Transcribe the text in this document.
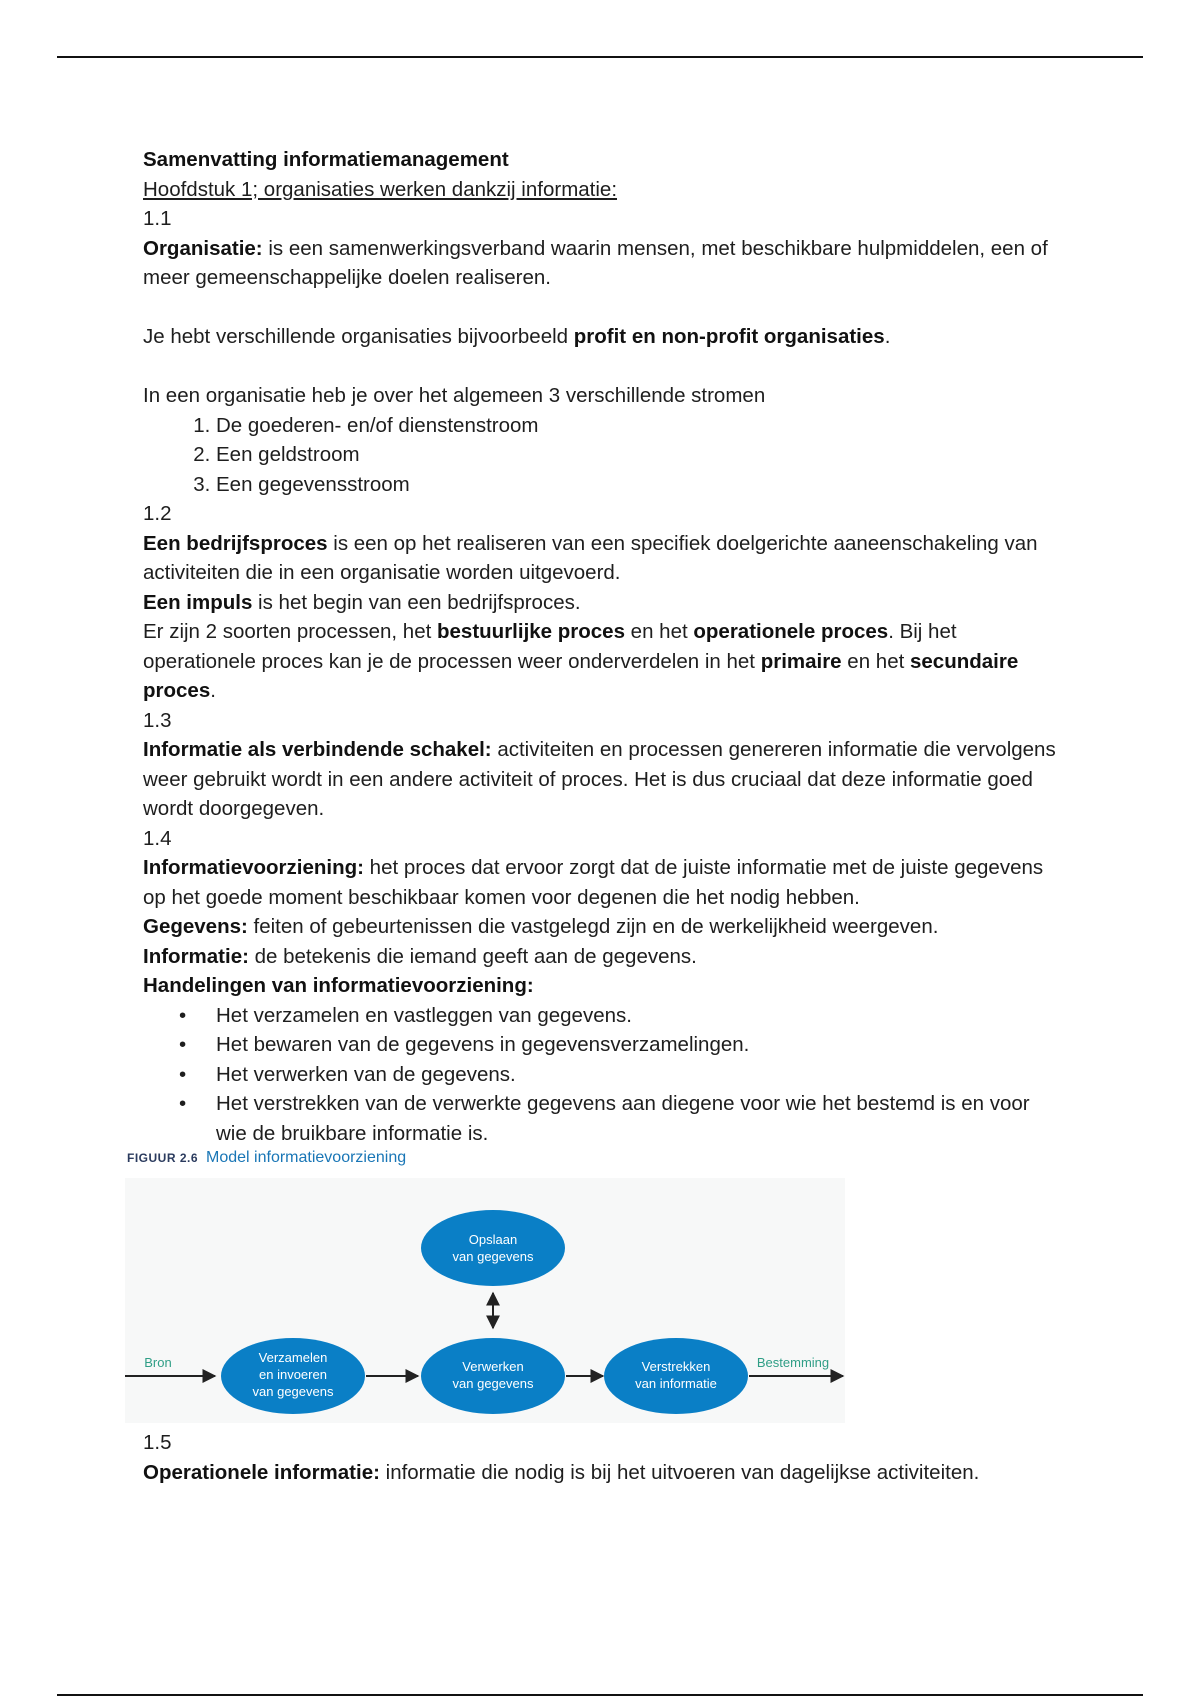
Samenvatting informatiemanagement

Hoofdstuk 1; organisaties werken dankzij informatie:

1.1

Organisatie: is een samenwerkingsverband waarin mensen, met beschikbare hulpmiddelen, een of meer gemeenschappelijke doelen realiseren.

Je hebt verschillende organisaties bijvoorbeeld profit en non-profit organisaties.

In een organisatie heb je over het algemeen 3 verschillende stromen

1. De goederen- en/of dienstenstroom
2. Een geldstroom
3. Een gegevensstroom

1.2

Een bedrijfsproces is een op het realiseren van een specifiek doelgerichte aaneenschakeling van activiteiten die in een organisatie worden uitgevoerd.

Een impuls is het begin van een bedrijfsproces.

Er zijn 2 soorten processen, het bestuurlijke proces en het operationele proces. Bij het operationele proces kan je de processen weer onderverdelen in het primaire en het secundaire proces.

1.3

Informatie als verbindende schakel: activiteiten en processen genereren informatie die vervolgens weer gebruikt wordt in een andere activiteit of proces. Het is dus cruciaal dat deze informatie goed wordt doorgegeven.

1.4

Informatievoorziening: het proces dat ervoor zorgt dat de juiste informatie met de juiste gegevens op het goede moment beschikbaar komen voor degenen die het nodig hebben.

Gegevens: feiten of gebeurtenissen die vastgelegd zijn en de werkelijkheid weergeven.

Informatie: de betekenis die iemand geeft aan de gegevens.

Handelingen van informatievoorziening:

• Het verzamelen en vastleggen van gegevens.
• Het bewaren van de gegevens in gegevensverzamelingen.
• Het verwerken van de gegevens.
• Het verstrekken van de verwerkte gegevens aan diegene voor wie het bestemd is en voor wie de bruikbare informatie is.
FIGUUR 2.6 Model informatievoorziening
Opslaan
van gegevens
Bron	Verzamelen
en invoeren
van gegevens
Verwerken
van gegevens
Verstrekken
van informatie
Bestemming

1.5

Operationele informatie: informatie die nodig is bij het uitvoeren van dagelijkse activiteiten.
